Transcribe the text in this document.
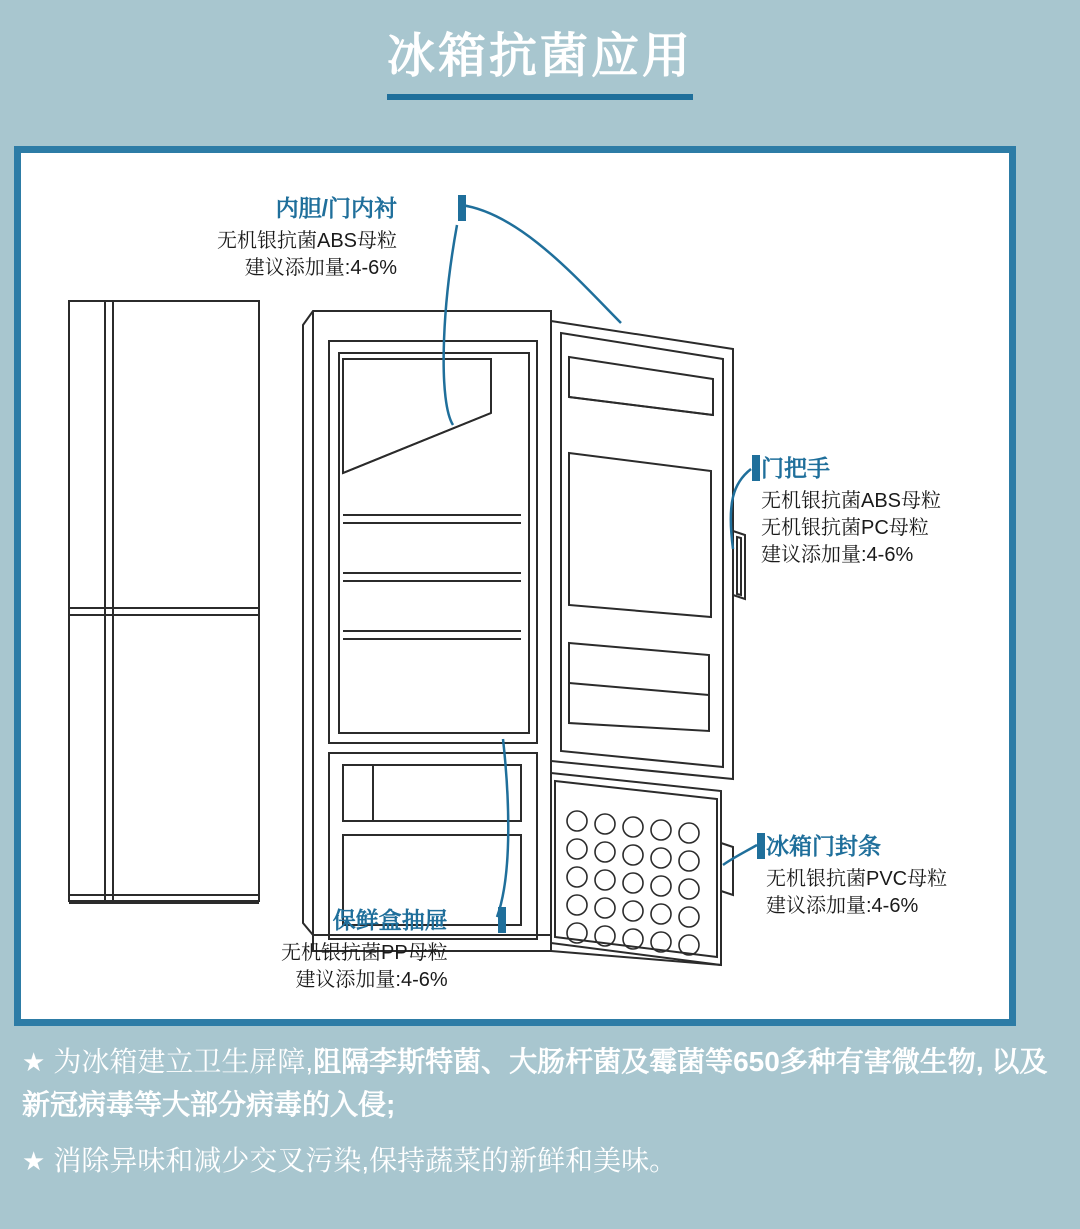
冰箱抗菌应用
内胆/门内衬
无机银抗菌ABS母粒
建议添加量:4-6%
门把手
无机银抗菌ABS母粒
无机银抗菌PC母粒
建议添加量:4-6%
冰箱门封条
无机银抗菌PVC母粒
建议添加量:4-6%
保鲜盒抽屉
无机银抗菌PP母粒
建议添加量:4-6%
★ 为冰箱建立卫生屏障,阻隔李斯特菌、大肠杆菌及霉菌等650多种有害微生物, 以及新冠病毒等大部分病毒的入侵;
★ 消除异味和减少交叉污染,保持蔬菜的新鲜和美味。
